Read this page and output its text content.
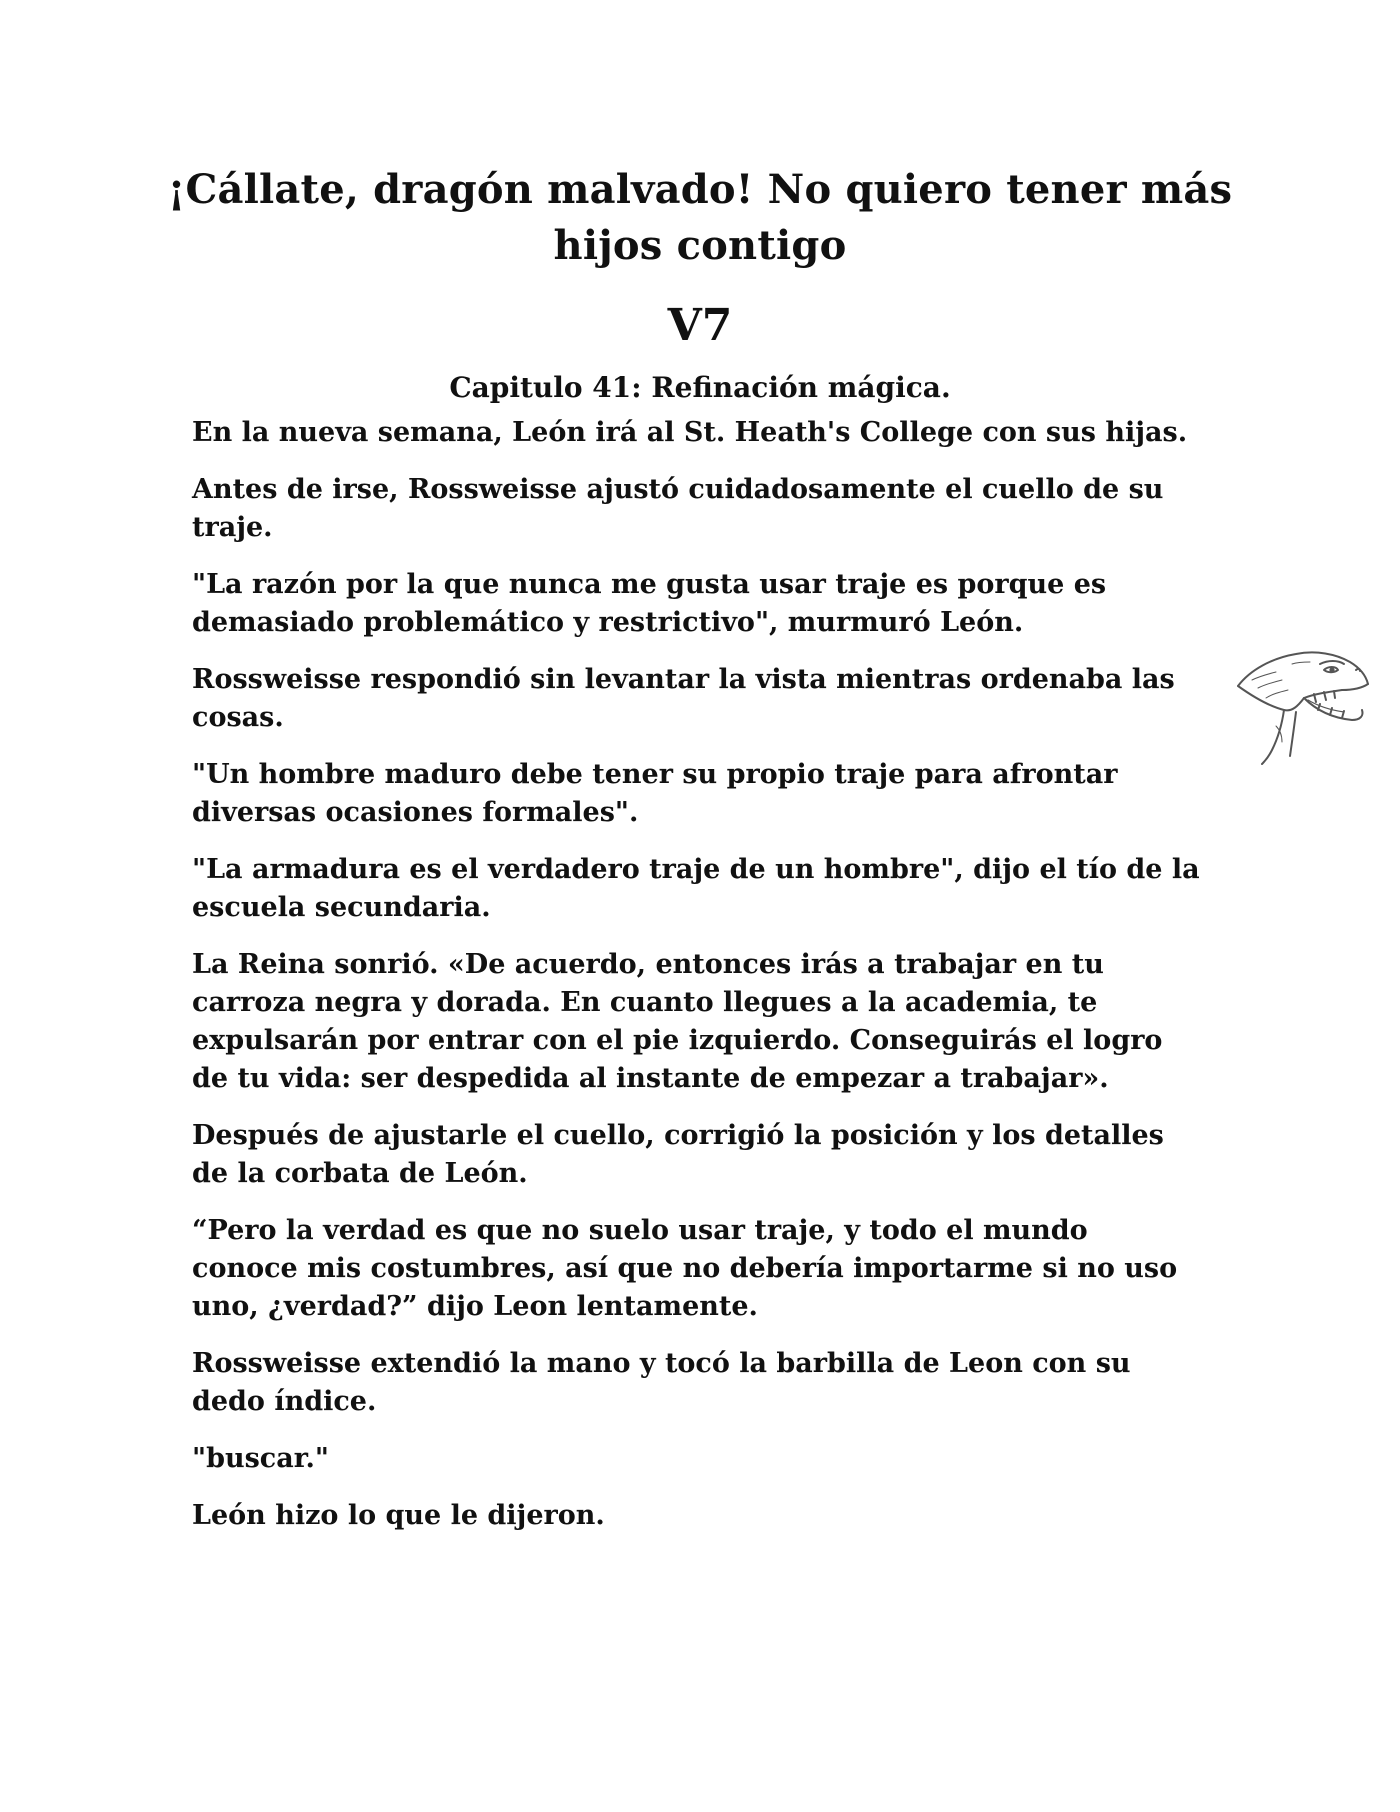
¡Cállate, dragón malvado! No quiero tener más hijos contigo
V7
Capitulo 41: Refinación mágica.

En la nueva semana, León irá al St. Heath's College con sus hijas.

Antes de irse, Rossweisse ajustó cuidadosamente el cuello de su traje.

"La razón por la que nunca me gusta usar traje es porque es demasiado problemático y restrictivo", murmuró León.

Rossweisse respondió sin levantar la vista mientras ordenaba las cosas.

"Un hombre maduro debe tener su propio traje para afrontar diversas ocasiones formales".

"La armadura es el verdadero traje de un hombre", dijo el tío de la escuela secundaria.

La Reina sonrió. «De acuerdo, entonces irás a trabajar en tu carroza negra y dorada. En cuanto llegues a la academia, te expulsarán por entrar con el pie izquierdo. Conseguirás el logro de tu vida: ser despedida al instante de empezar a trabajar».

Después de ajustarle el cuello, corrigió la posición y los detalles de la corbata de León.

“Pero la verdad es que no suelo usar traje, y todo el mundo conoce mis costumbres, así que no debería importarme si no uso uno, ¿verdad?” dijo Leon lentamente.

Rossweisse extendió la mano y tocó la barbilla de Leon con su dedo índice.

"buscar."

León hizo lo que le dijeron.
